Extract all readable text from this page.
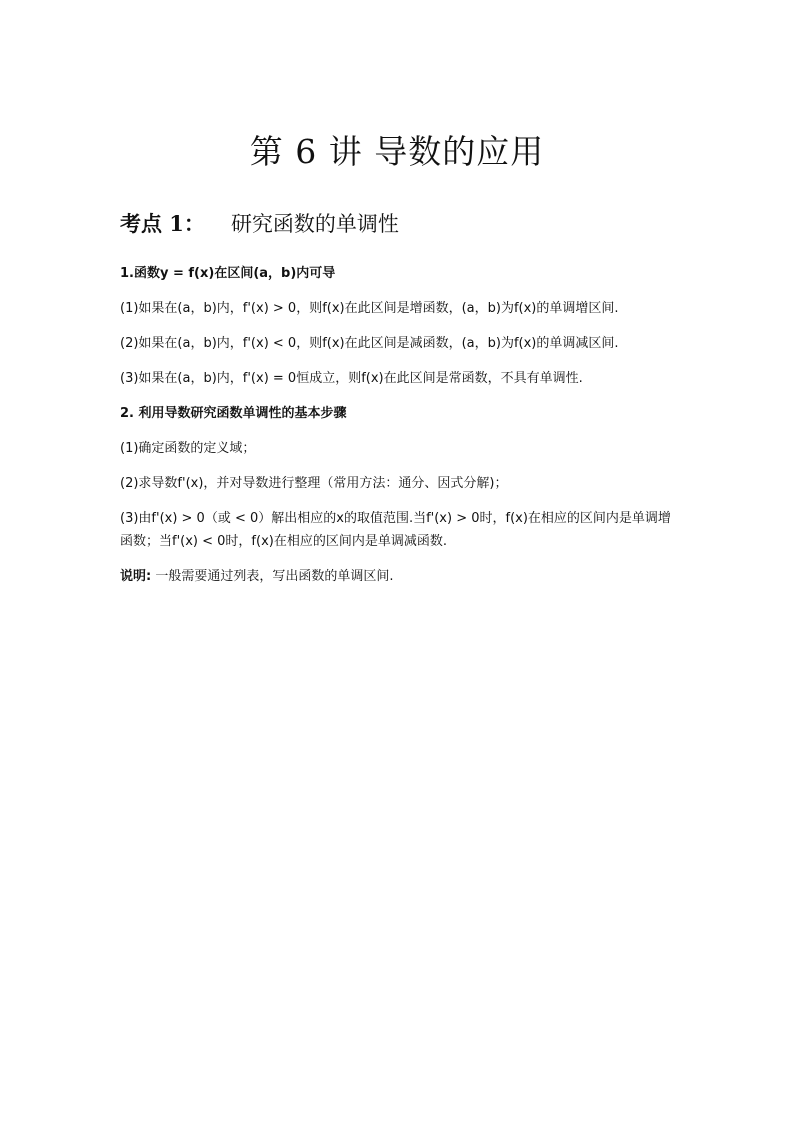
第 6 讲 导数的应用
考点 1： 研究函数的单调性

1.函数y = f(x)在区间(a，b)内可导

(1)如果在(a，b)内，f'(x) > 0，则f(x)在此区间是增函数，(a，b)为f(x)的单调增区间.

(2)如果在(a，b)内，f'(x) < 0，则f(x)在此区间是减函数，(a，b)为f(x)的单调减区间.

(3)如果在(a，b)内，f'(x) = 0恒成立，则f(x)在此区间是常函数，不具有单调性.

2. 利用导数研究函数单调性的基本步骤

(1)确定函数的定义域；

(2)求导数f'(x)，并对导数进行整理（常用方法：通分、因式分解)；

(3)由f'(x) > 0（或 < 0）解出相应的x的取值范围.当f'(x) > 0时，f(x)在相应的区间内是单调增函数；当f'(x) < 0时，f(x)在相应的区间内是单调减函数.

说明: 一般需要通过列表，写出函数的单调区间.
